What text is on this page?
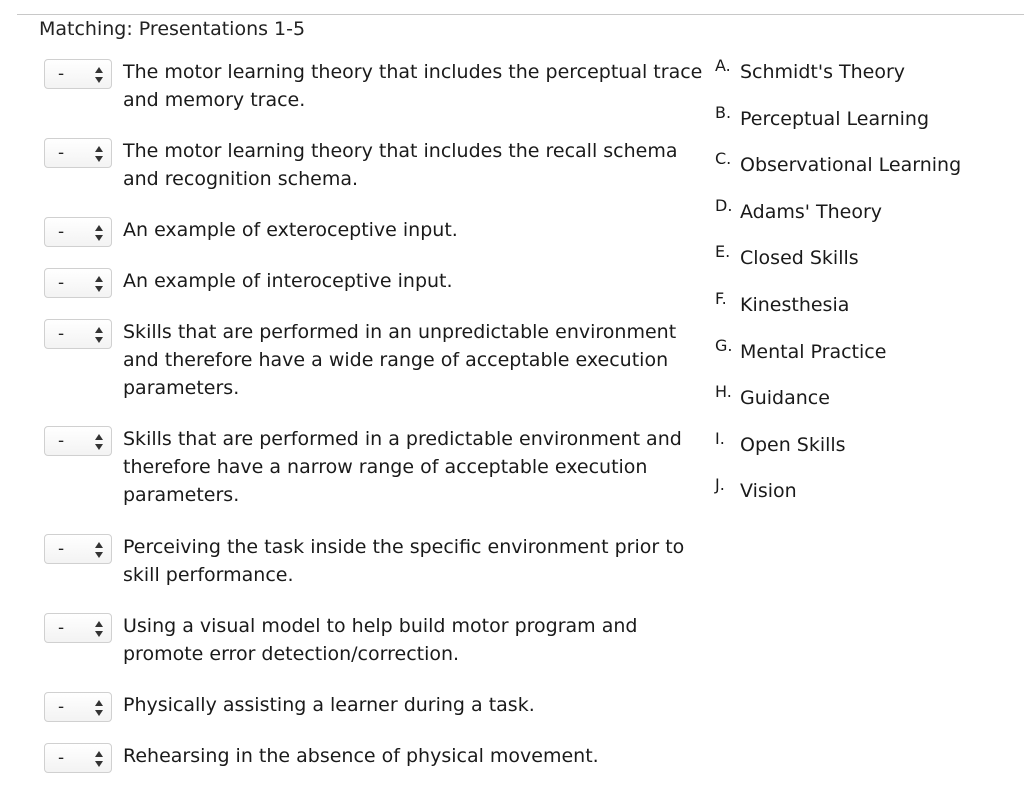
Matching: Presentations 1-5
-	The motor learning theory that includes the perceptual trace and memory trace.
-	The motor learning theory that includes the recall schema and recognition schema.
-	An example of exteroceptive input.
-	An example of interoceptive input.
-	Skills that are performed in an unpredictable environment and therefore have a wide range of acceptable execution parameters.
-	Skills that are performed in a predictable environment and therefore have a narrow range of acceptable execution parameters.
-	Perceiving the task inside the specific environment prior to skill performance.
-	Using a visual model to help build motor program and promote error detection/correction.
-	Physically assisting a learner during a task.
-	Rehearsing in the absence of physical movement.
A. Schmidt's Theory
B. Perceptual Learning
C. Observational Learning
D. Adams' Theory
E. Closed Skills
F. Kinesthesia
G. Mental Practice
H. Guidance
I. Open Skills
J. Vision
